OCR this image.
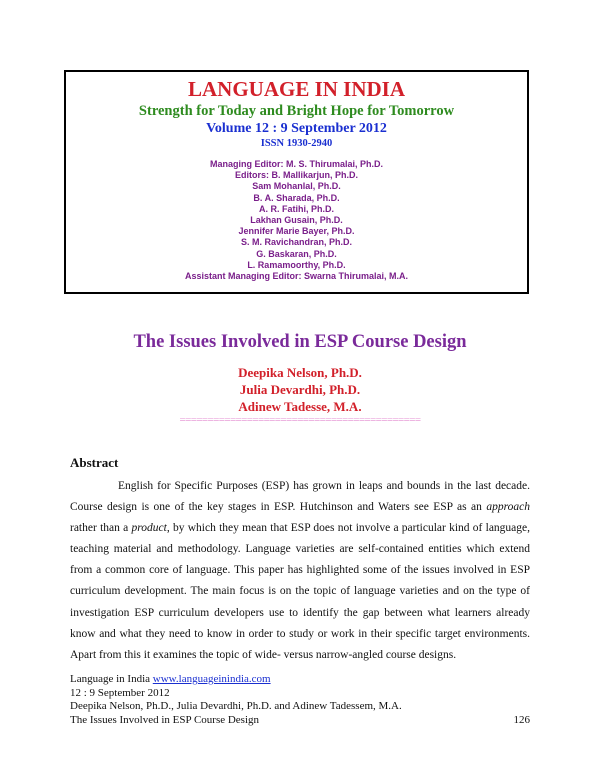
LANGUAGE IN INDIA
Strength for Today and Bright Hope for Tomorrow
Volume 12 : 9 September 2012
ISSN 1930-2940
Managing Editor: M. S. Thirumalai, Ph.D.
Editors: B. Mallikarjun, Ph.D.
Sam Mohanlal, Ph.D.
B. A. Sharada, Ph.D.
A. R. Fatihi, Ph.D.
Lakhan Gusain, Ph.D.
Jennifer Marie Bayer, Ph.D.
S. M. Ravichandran, Ph.D.
G. Baskaran, Ph.D.
L. Ramamoorthy, Ph.D.
Assistant Managing Editor: Swarna Thirumalai, M.A.
The Issues Involved in ESP Course Design
Deepika Nelson, Ph.D.
Julia Devardhi, Ph.D.
Adinew Tadesse, M.A.
===========================================
Abstract

English for Specific Purposes (ESP) has grown in leaps and bounds in the last decade. Course design is one of the key stages in ESP. Hutchinson and Waters see ESP as an approach rather than a product, by which they mean that ESP does not involve a particular kind of language, teaching material and methodology. Language varieties are self-contained entities which extend from a common core of language. This paper has highlighted some of the issues involved in ESP curriculum development. The main focus is on the topic of language varieties and on the type of investigation ESP curriculum developers use to identify the gap between what learners already know and what they need to know in order to study or work in their specific target environments. Apart from this it examines the topic of wide- versus narrow-angled course designs.

Language in India www.languageinindia.com
12 : 9 September 2012
Deepika Nelson, Ph.D., Julia Devardhi, Ph.D. and Adinew Tadessem, M.A.
The Issues Involved in ESP Course Design	126
